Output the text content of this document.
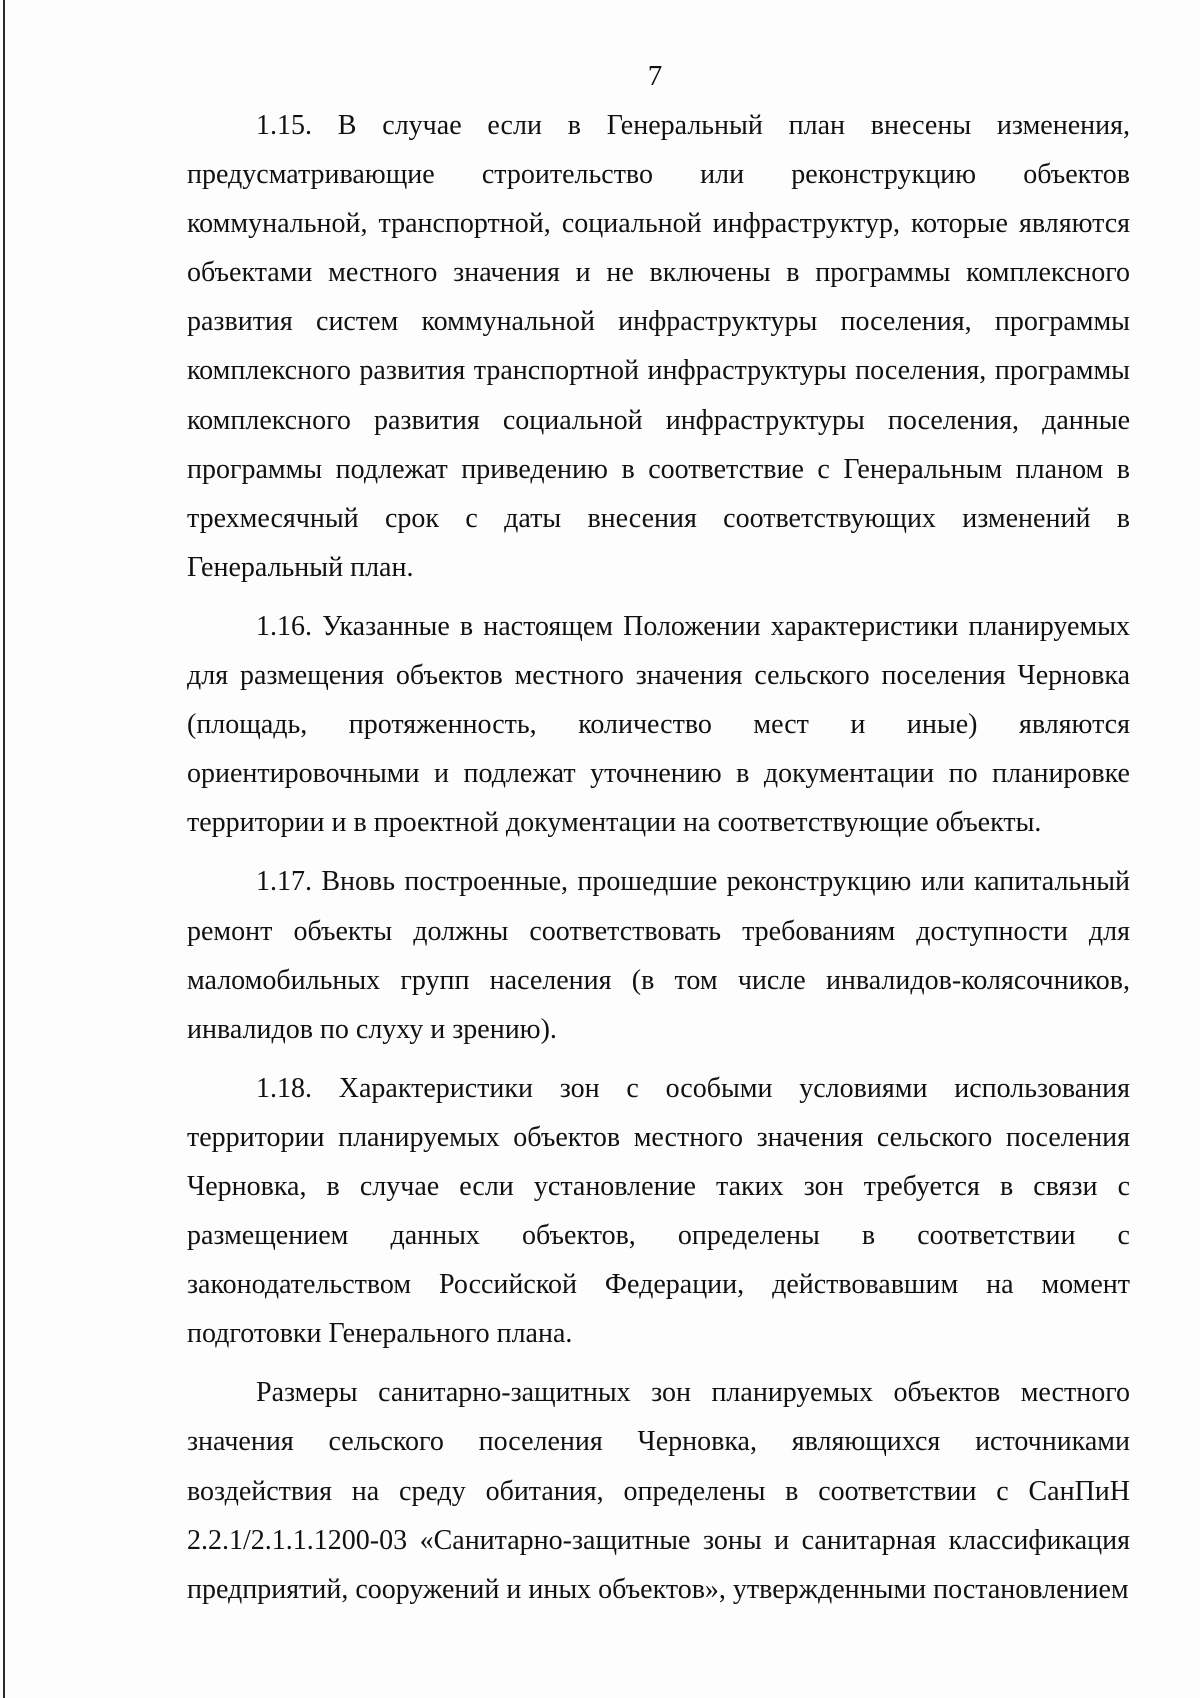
7

1.15. В случае если в Генеральный план внесены изменения, предусматривающие строительство или реконструкцию объектов коммунальной, транспортной, социальной инфраструктур, которые являются объектами местного значения и не включены в программы комплексного развития систем коммунальной инфраструктуры поселения, программы комплексного развития транспортной инфраструктуры поселения, программы комплексного развития социальной инфраструктуры поселения, данные программы подлежат приведению в соответствие с Генеральным планом в трехмесячный срок с даты внесения соответствующих изменений в Генеральный план.

1.16. Указанные в настоящем Положении характеристики планируемых для размещения объектов местного значения сельского поселения Черновка (площадь, протяженность, количество мест и иные) являются ориентировочными и подлежат уточнению в документации по планировке территории и в проектной документации на соответствующие объекты.

1.17. Вновь построенные, прошедшие реконструкцию или капитальный ремонт объекты должны соответствовать требованиям доступности для маломобильных групп населения (в том числе инвалидов-колясочников, инвалидов по слуху и зрению).

1.18. Характеристики зон с особыми условиями использования территории планируемых объектов местного значения сельского поселения Черновка, в случае если установление таких зон требуется в связи с размещением данных объектов, определены в соответствии с законодательством Российской Федерации, действовавшим на момент подготовки Генерального плана.

Размеры санитарно-защитных зон планируемых объектов местного значения сельского поселения Черновка, являющихся источниками воздействия на среду обитания, определены в соответствии с СанПиН 2.2.1/2.1.1.1200-03 «Санитарно-защитные зоны и санитарная классификация предприятий, сооружений и иных объектов», утвержденными постановлением
